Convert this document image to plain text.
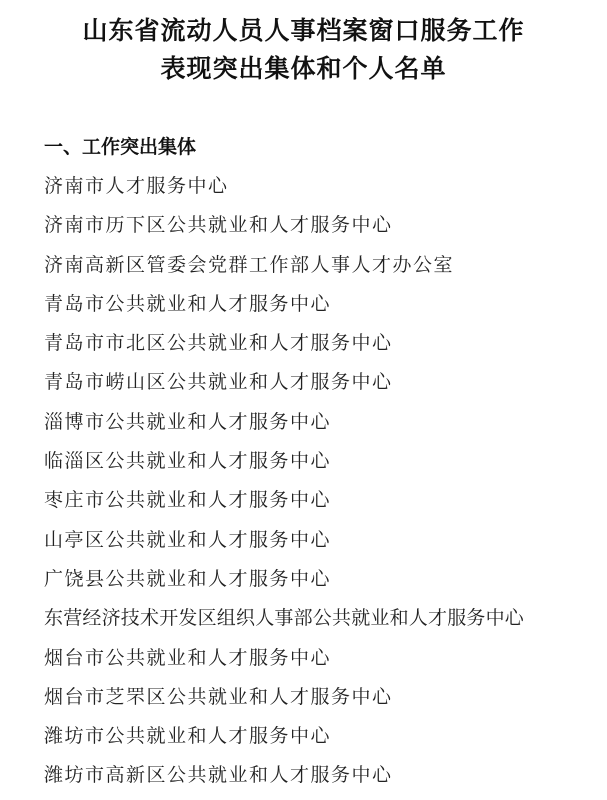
山东省流动人员人事档案窗口服务工作
表现突出集体和个人名单
一、工作突出集体
济南市人才服务中心
济南市历下区公共就业和人才服务中心
济南高新区管委会党群工作部人事人才办公室
青岛市公共就业和人才服务中心
青岛市市北区公共就业和人才服务中心
青岛市崂山区公共就业和人才服务中心
淄博市公共就业和人才服务中心
临淄区公共就业和人才服务中心
枣庄市公共就业和人才服务中心
山亭区公共就业和人才服务中心
广饶县公共就业和人才服务中心
东营经济技术开发区组织人事部公共就业和人才服务中心
烟台市公共就业和人才服务中心
烟台市芝罘区公共就业和人才服务中心
潍坊市公共就业和人才服务中心
潍坊市高新区公共就业和人才服务中心
